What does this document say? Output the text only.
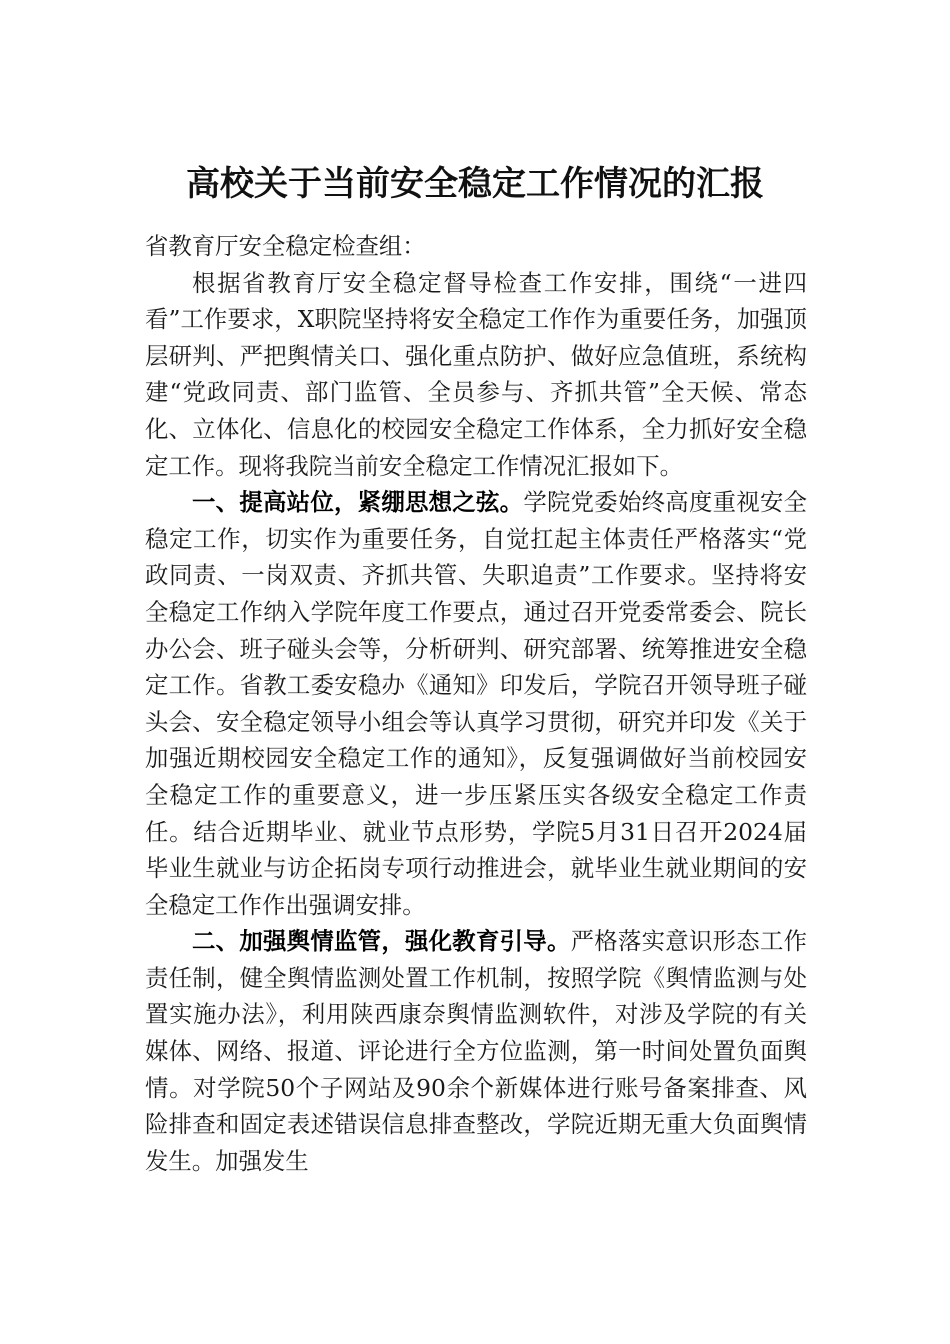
高校关于当前安全稳定工作情况的汇报

省教育厅安全稳定检查组：

根据省教育厅安全稳定督导检查工作安排，围绕“一进四看”工作要求，X职院坚持将安全稳定工作作为重要任务，加强顶层研判、严把舆情关口、强化重点防护、做好应急值班，系统构建“党政同责、部门监管、全员参与、齐抓共管”全天候、常态化、立体化、信息化的校园安全稳定工作体系，全力抓好安全稳定工作。现将我院当前安全稳定工作情况汇报如下。

一、提高站位，紧绷思想之弦。学院党委始终高度重视安全稳定工作，切实作为重要任务，自觉扛起主体责任严格落实“党政同责、一岗双责、齐抓共管、失职追责”工作要求。坚持将安全稳定工作纳入学院年度工作要点，通过召开党委常委会、院长办公会、班子碰头会等，分析研判、研究部署、统筹推进安全稳定工作。省教工委安稳办《通知》印发后，学院召开领导班子碰头会、安全稳定领导小组会等认真学习贯彻，研究并印发《关于加强近期校园安全稳定工作的通知》，反复强调做好当前校园安全稳定工作的重要意义，进一步压紧压实各级安全稳定工作责任。结合近期毕业、就业节点形势，学院5月31日召开2024届毕业生就业与访企拓岗专项行动推进会，就毕业生就业期间的安全稳定工作作出强调安排。

二、加强舆情监管，强化教育引导。严格落实意识形态工作责任制，健全舆情监测处置工作机制，按照学院《舆情监测与处置实施办法》，利用陕西康奈舆情监测软件，对涉及学院的有关媒体、网络、报道、评论进行全方位监测，第一时间处置负面舆情。对学院50个子网站及90余个新媒体进行账号备案排查、风险排查和固定表述错误信息排查整改，学院近期无重大负面舆情发生。加强发生
